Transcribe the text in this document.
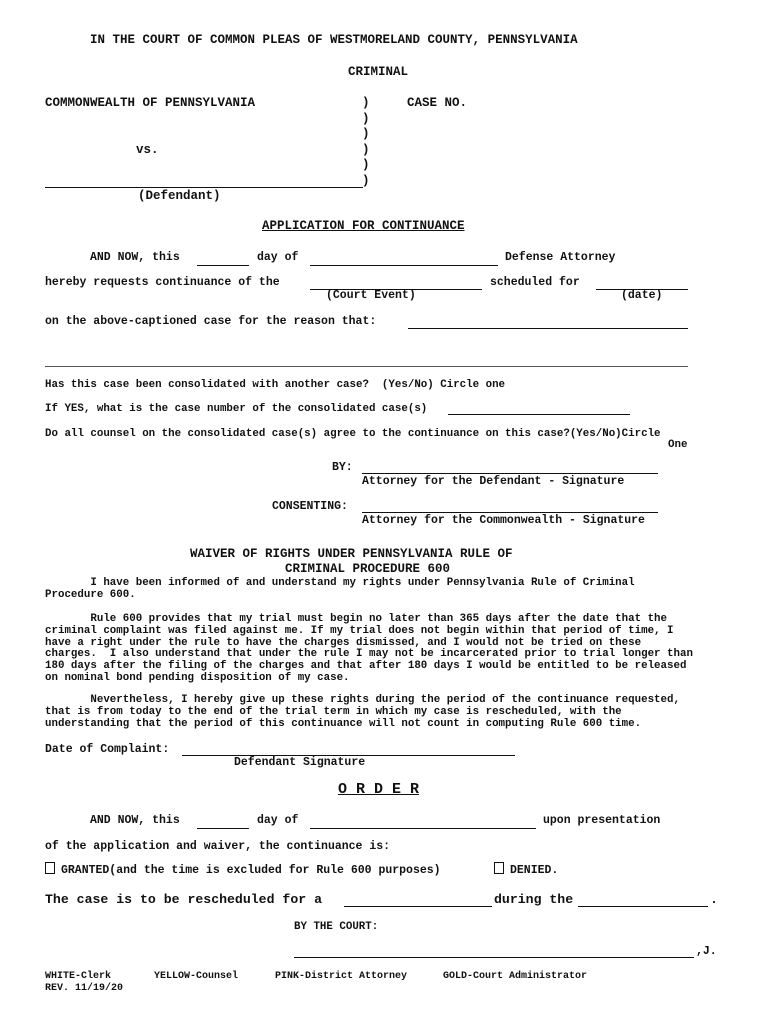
IN THE COURT OF COMMON PLEAS OF WESTMORELAND COUNTY, PENNSYLVANIA
CRIMINAL
COMMONWEALTH OF PENNSYLVANIA	CASE NO.
)
)
)
)
)
)
vs.
(Defendant)
APPLICATION FOR CONTINUANCE
AND NOW, this	day of	Defense Attorney
hereby requests continuance of the	scheduled for
(Court Event)	(date)
on the above-captioned case for the reason that:
Has this case been consolidated with another case?  (Yes/No) Circle one
If YES, what is the case number of the consolidated case(s)
Do all counsel on the consolidated case(s) agree to the continuance on this case?(Yes/No)Circle
One
BY:
Attorney for the Defendant - Signature
CONSENTING:
Attorney for the Commonwealth - Signature
WAIVER OF RIGHTS UNDER PENNSYLVANIA RULE OF
CRIMINAL PROCEDURE 600
I have been informed of and understand my rights under Pennsylvania Rule of Criminal
Procedure 600.
Rule 600 provides that my trial must begin no later than 365 days after the date that the
criminal complaint was filed against me. If my trial does not begin within that period of time, I
have a right under the rule to have the charges dismissed, and I would not be tried on these
charges.  I also understand that under the rule I may not be incarcerated prior to trial longer than
180 days after the filing of the charges and that after 180 days I would be entitled to be released
on nominal bond pending disposition of my case.
Nevertheless, I hereby give up these rights during the period of the continuance requested,
that is from today to the end of the trial term in which my case is rescheduled, with the
understanding that the period of this continuance will not count in computing Rule 600 time.
Date of Complaint:
Defendant Signature
O R D E R
AND NOW, this	day of	upon presentation
of the application and waiver, the continuance is:
GRANTED(and the time is excluded for Rule 600 purposes)	DENIED.
The case is to be rescheduled for a	during the	.
BY THE COURT:
,J.
WHITE-Clerk	YELLOW-Counsel	PINK-District Attorney	GOLD-Court Administrator
REV. 11/19/20
